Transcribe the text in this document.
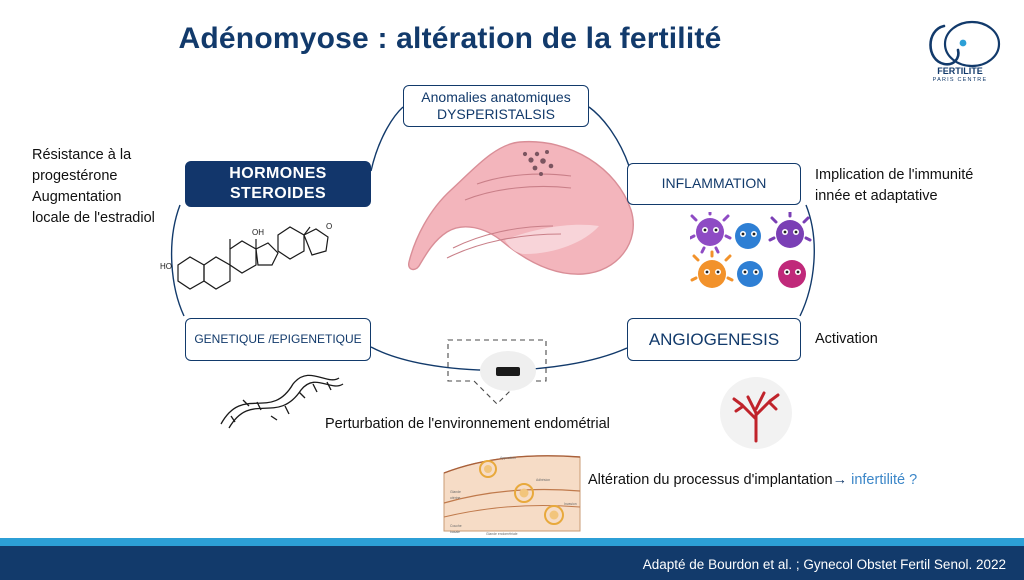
Adénomyose : altération de la fertilité
FERTILITE
PARIS CENTRE
HO
OH
O
Apposition
Adhésion
Invasion
Glande
utérine
Couche
basale	Glande endométriale
Anomalies anatomiques
DYSPERISTALSIS
HORMONES
STEROIDES
INFLAMMATION
GENETIQUE /EPIGENETIQUE	ANGIOGENESIS
Résistance à la
progestérone
Augmentation
locale de l'estradiol
Implication de l'immunité
innée et adaptative
Activation
Perturbation de l'environnement endométrial
Altération du processus d'implantation→ infertilité ?
Adapté de Bourdon et al. ; Gynecol Obstet Fertil Senol. 2022
